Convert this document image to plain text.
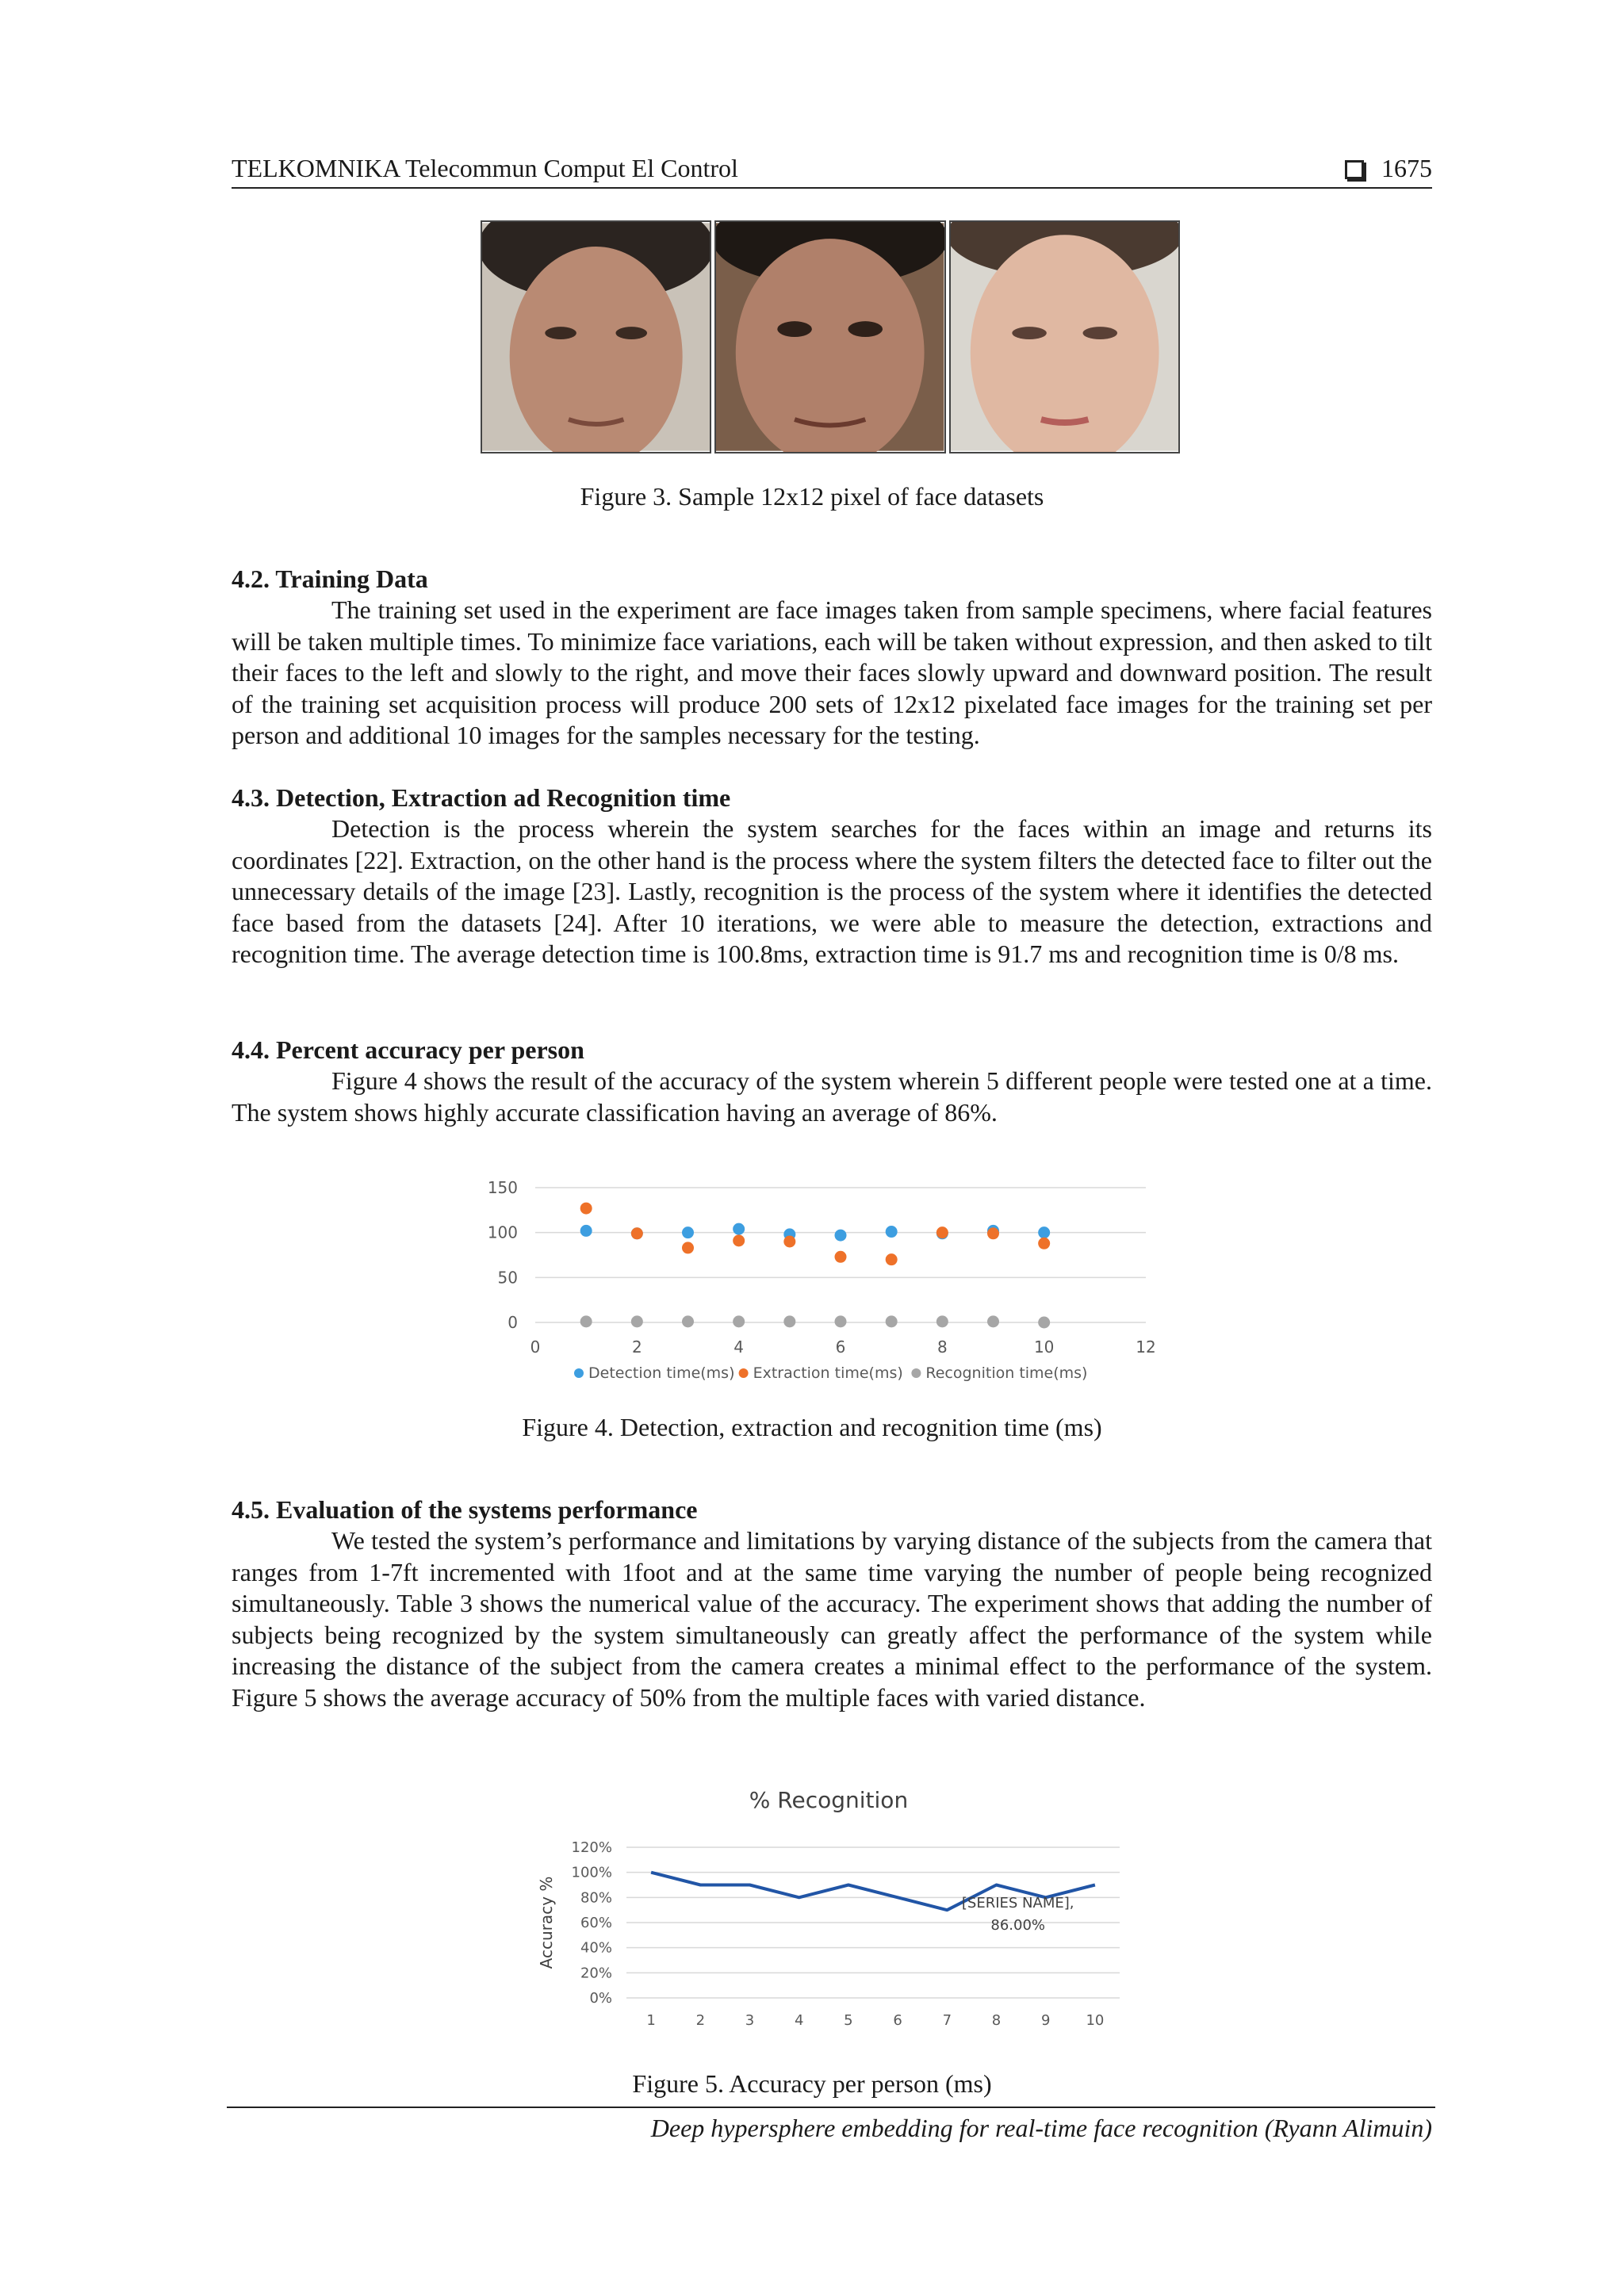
TELKOMNIKA Telecommun Comput El Control	1675
Figure 3. Sample 12x12 pixel of face datasets
4.2. Training Data

The training set used in the experiment are face images taken from sample specimens, where facial features will be taken multiple times. To minimize face variations, each will be taken without expression, and then asked to tilt their faces to the left and slowly to the right, and move their faces slowly upward and downward position. The result of the training set acquisition process will produce 200 sets of 12x12 pixelated face images for the training set per person and additional 10 images for the samples necessary for the testing.

4.3. Detection, Extraction ad Recognition time

Detection is the process wherein the system searches for the faces within an image and returns its coordinates [22]. Extraction, on the other hand is the process where the system filters the detected face to filter out the unnecessary details of the image [23]. Lastly, recognition is the process of the system where it identifies the detected face based from the datasets [24]. After 10 iterations, we were able to measure the detection, extractions and recognition time. The average detection time is 100.8ms, extraction time is 91.7 ms and recognition time is 0/8 ms.

4.4. Percent accuracy per person

Figure 4 shows the result of the accuracy of the system wherein 5 different people were tested one at a time. The system shows highly accurate classification having an average of 86%.

0
50
100
150
0	2	4	6	8	10	12
Detection time(ms) Extraction time(ms) Recognition time(ms)
Figure 4. Detection, extraction and recognition time (ms)
4.5. Evaluation of the systems performance

We tested the system’s performance and limitations by varying distance of the subjects from the camera that ranges from 1-7ft incremented with 1foot and at the same time varying the number of people being recognized simultaneously. Table 3 shows the numerical value of the accuracy. The experiment shows that adding the number of subjects being recognized by the system simultaneously can greatly affect the performance of the system while increasing the distance of the subject from the camera creates a minimal effect to the performance of the system. Figure 5 shows the average accuracy of 50% from the multiple faces with varied distance.

% Recognition
0%
20%
40%
60%
80%
100%
120%
1	2	3	4	5	6	7	8	9	10
Accuracy %	[SERIES NAME],
86.00%
Figure 5. Accuracy per person (ms)
Deep hypersphere embedding for real-time face recognition (Ryann Alimuin)
